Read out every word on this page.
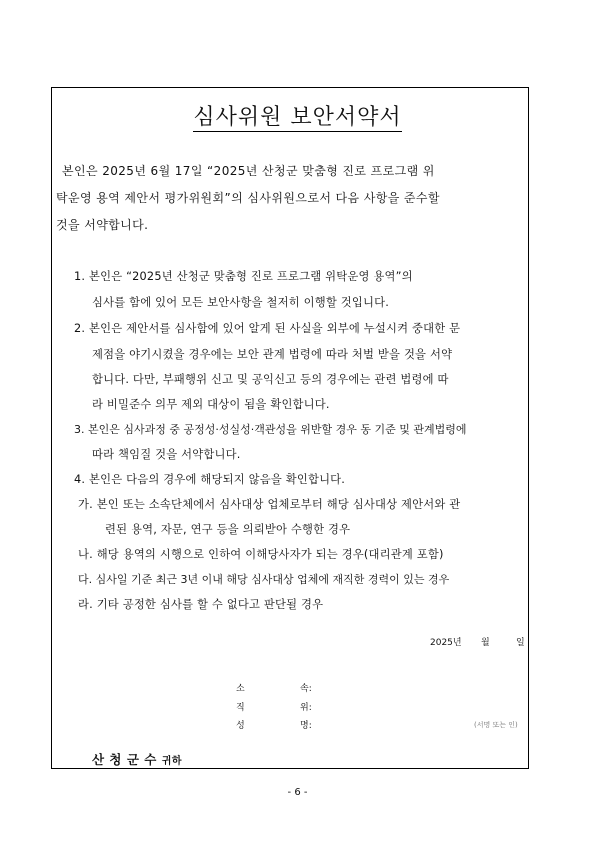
심사위원 보안서약서
본인은 2025년 6월 17일 “2025년 산청군 맞춤형 진로 프로그램 위
탁운영 용역 제안서 평가위원회”의 심사위원으로서 다음 사항을 준수할
것을 서약합니다.
1. 본인은 “2025년 산청군 맞춤형 진로 프로그램 위탁운영 용역”의
심사를 함에 있어 모든 보안사항을 철저히 이행할 것입니다.
2. 본인은 제안서를 심사함에 있어 알게 된 사실을 외부에 누설시켜 중대한 문
제점을 야기시켰을 경우에는 보안 관계 법령에 따라 처벌 받을 것을 서약
합니다. 다만, 부패행위 신고 및 공익신고 등의 경우에는 관련 법령에 따
라 비밀준수 의무 제외 대상이 됨을 확인합니다.
3. 본인은 심사과정 중 공정성·성실성·객관성을 위반할 경우 동 기준 및 관계법령에
따라 책임질 것을 서약합니다.
4. 본인은 다음의 경우에 해당되지 않음을 확인합니다.
가. 본인 또는 소속단체에서 심사대상 업체로부터 해당 심사대상 제안서와 관
련된 용역, 자문, 연구 등을 의뢰받아 수행한 경우
나. 해당 용역의 시행으로 인하여 이해당사자가 되는 경우(대리관계 포함)
다. 심사일 기준 최근 3년 이내 해당 심사대상 업체에 재직한 경력이 있는 경우
라. 기타 공정한 심사를 할 수 없다고 판단될 경우
2025년 월	일
소	속:
직	위:
성	명:	(서명 또는 인)
산 청 군 수 귀하
- 6 -
